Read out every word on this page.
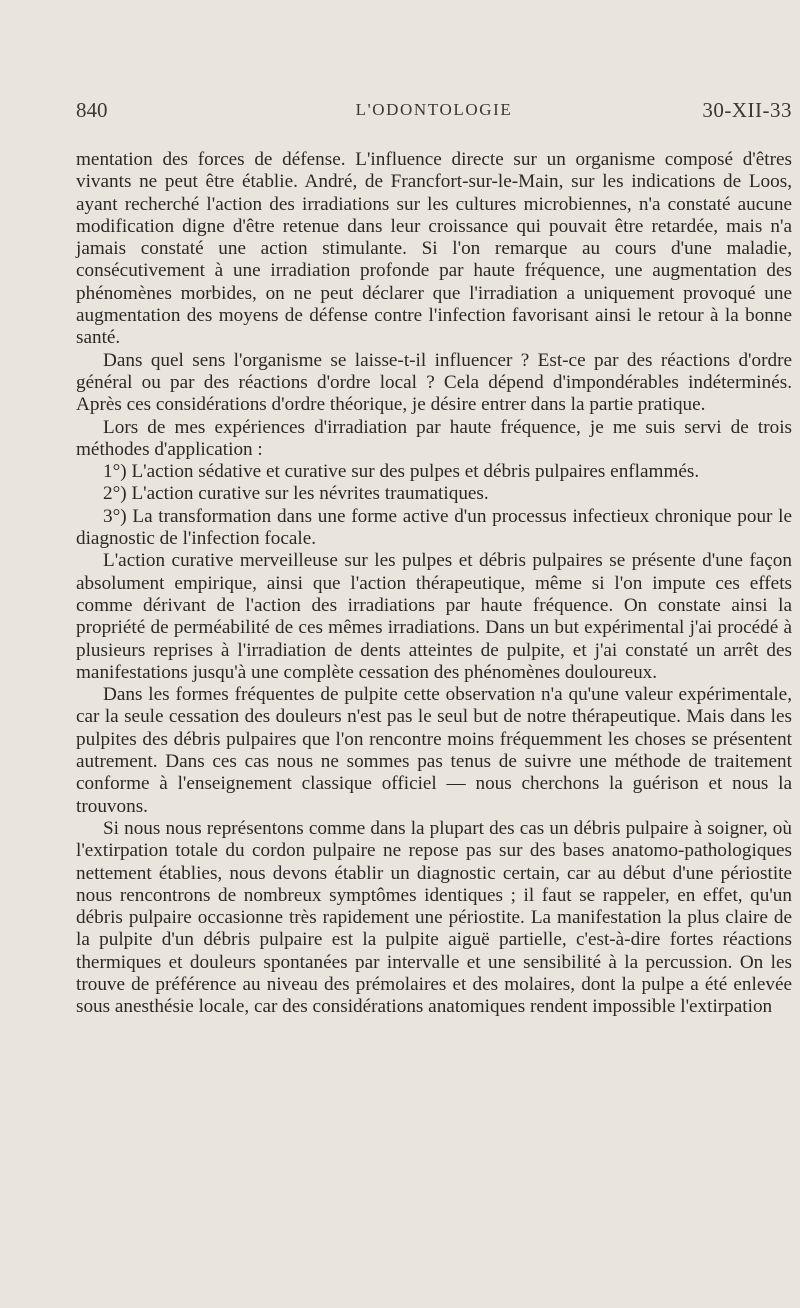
840	L'ODONTOLOGIE	30-XII-33

mentation des forces de défense. L'influence directe sur un organisme composé d'êtres vivants ne peut être établie. André, de Francfort-sur-le-Main, sur les indications de Loos, ayant recherché l'action des irradiations sur les cultures microbiennes, n'a constaté aucune modification digne d'être retenue dans leur croissance qui pouvait être retardée, mais n'a jamais constaté une action stimulante. Si l'on remarque au cours d'une maladie, consécutivement à une irradiation profonde par haute fréquence, une augmentation des phénomènes morbides, on ne peut déclarer que l'irradiation a uniquement provoqué une augmentation des moyens de défense contre l'infection favorisant ainsi le retour à la bonne santé.

Dans quel sens l'organisme se laisse-t-il influencer ? Est-ce par des réactions d'ordre général ou par des réactions d'ordre local ? Cela dépend d'impondérables indéterminés. Après ces considérations d'ordre théorique, je désire entrer dans la partie pratique.

Lors de mes expériences d'irradiation par haute fréquence, je me suis servi de trois méthodes d'application :

1°) L'action sédative et curative sur des pulpes et débris pulpaires enflammés.

2°) L'action curative sur les névrites traumatiques.

3°) La transformation dans une forme active d'un processus infectieux chronique pour le diagnostic de l'infection focale.

L'action curative merveilleuse sur les pulpes et débris pulpaires se présente d'une façon absolument empirique, ainsi que l'action thérapeutique, même si l'on impute ces effets comme dérivant de l'action des irradiations par haute fréquence. On constate ainsi la propriété de perméabilité de ces mêmes irradiations. Dans un but expérimental j'ai procédé à plusieurs reprises à l'irradiation de dents atteintes de pulpite, et j'ai constaté un arrêt des manifestations jusqu'à une complète cessation des phénomènes douloureux.

Dans les formes fréquentes de pulpite cette observation n'a qu'une valeur expérimentale, car la seule cessation des douleurs n'est pas le seul but de notre thérapeutique. Mais dans les pulpites des débris pulpaires que l'on rencontre moins fréquemment les choses se présentent autrement. Dans ces cas nous ne sommes pas tenus de suivre une méthode de traitement conforme à l'enseignement classique officiel — nous cherchons la guérison et nous la trouvons.

Si nous nous représentons comme dans la plupart des cas un débris pulpaire à soigner, où l'extirpation totale du cordon pulpaire ne repose pas sur des bases anatomo-pathologiques nettement établies, nous devons établir un diagnostic certain, car au début d'une périostite nous rencontrons de nombreux symptômes identiques ; il faut se rappeler, en effet, qu'un débris pulpaire occasionne très rapidement une périostite. La manifestation la plus claire de la pulpite d'un débris pulpaire est la pulpite aiguë partielle, c'est-à-dire fortes réactions thermiques et douleurs spontanées par intervalle et une sensibilité à la percussion. On les trouve de préférence au niveau des prémolaires et des molaires, dont la pulpe a été enlevée sous anesthésie locale, car des considérations anatomiques rendent impossible l'extirpation
